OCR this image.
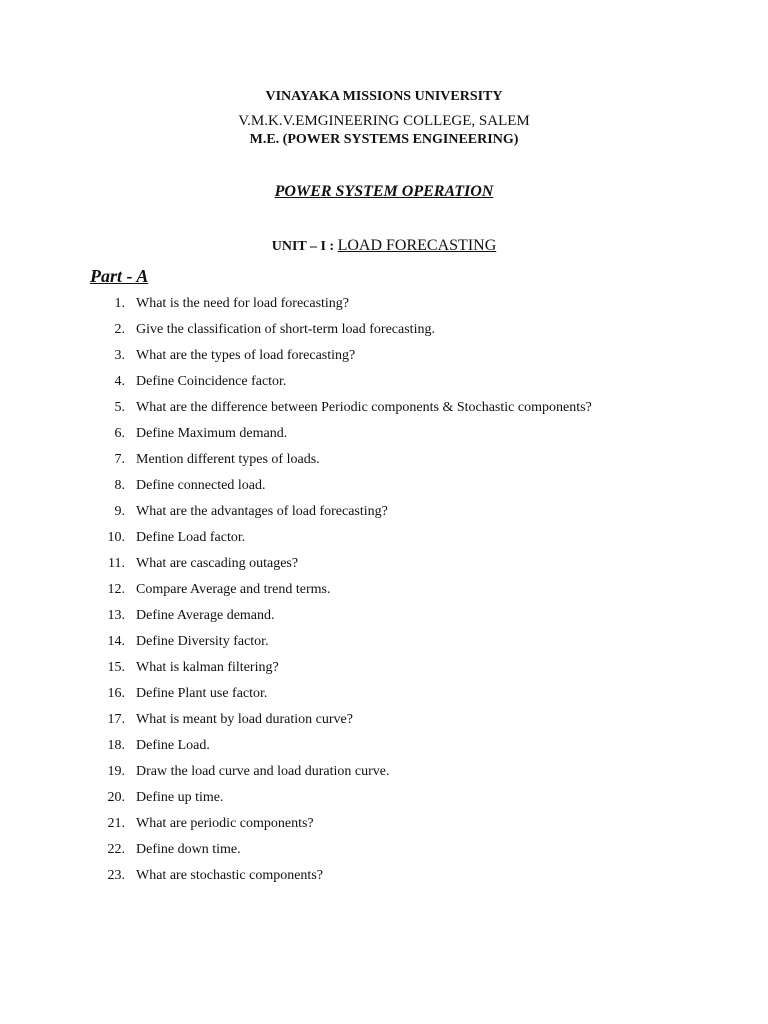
VINAYAKA MISSIONS UNIVERSITY
V.M.K.V.EMGINEERING COLLEGE, SALEM
M.E. (POWER SYSTEMS ENGINEERING)
POWER SYSTEM OPERATION
UNIT – I : LOAD FORECASTING
Part - A
1. What is the need for load forecasting?
2. Give the classification of short-term load forecasting.
3. What are the types of load forecasting?
4. Define Coincidence factor.
5. What are the difference between Periodic components & Stochastic components?
6. Define Maximum demand.
7. Mention different types of loads.
8. Define connected load.
9. What are the advantages of load forecasting?
10. Define Load factor.
11. What are cascading outages?
12. Compare Average and trend terms.
13. Define Average demand.
14. Define Diversity factor.
15. What is kalman filtering?
16. Define Plant use factor.
17. What is meant by load duration curve?
18. Define Load.
19. Draw the load curve and load duration curve.
20. Define up time.
21. What are periodic components?
22. Define down time.
23. What are stochastic components?
